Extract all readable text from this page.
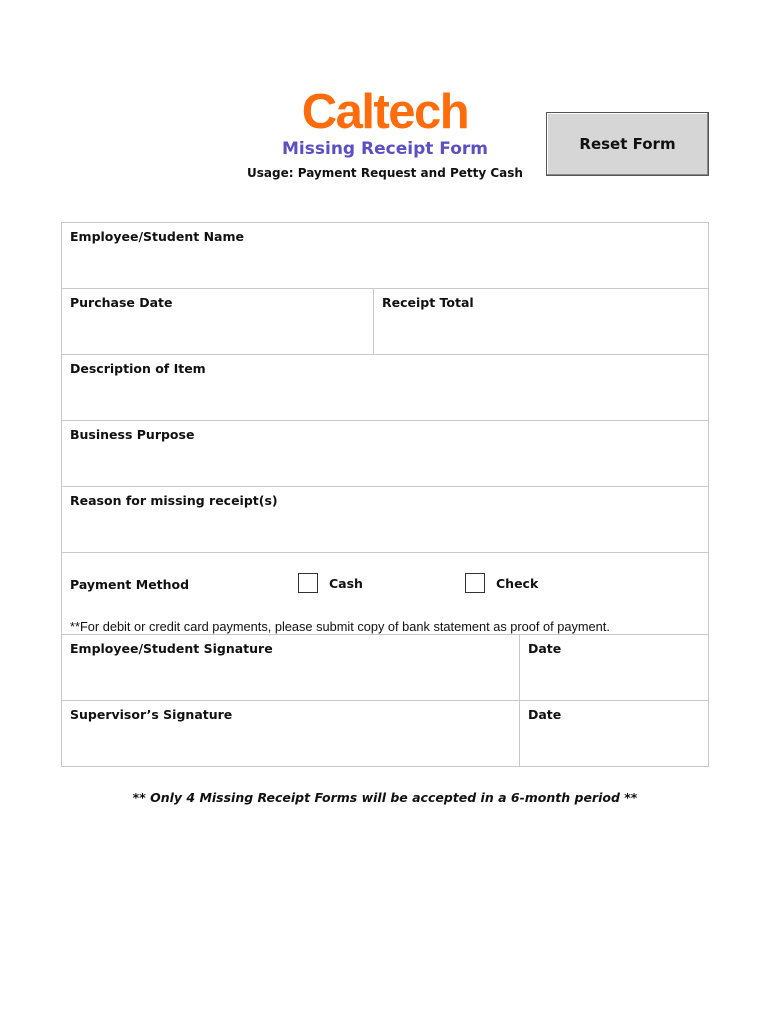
Caltech
Missing Receipt Form
Usage: Payment Request and Petty Cash
Reset Form
Employee/Student Name
Purchase Date	Receipt Total
Description of Item
Business Purpose
Reason for missing receipt(s)
Payment Method	Cash	Check
**For debit or credit card payments, please submit copy of bank statement as proof of payment.
Employee/Student Signature	Date
Supervisor’s Signature	Date
** Only 4 Missing Receipt Forms will be accepted in a 6-month period **
